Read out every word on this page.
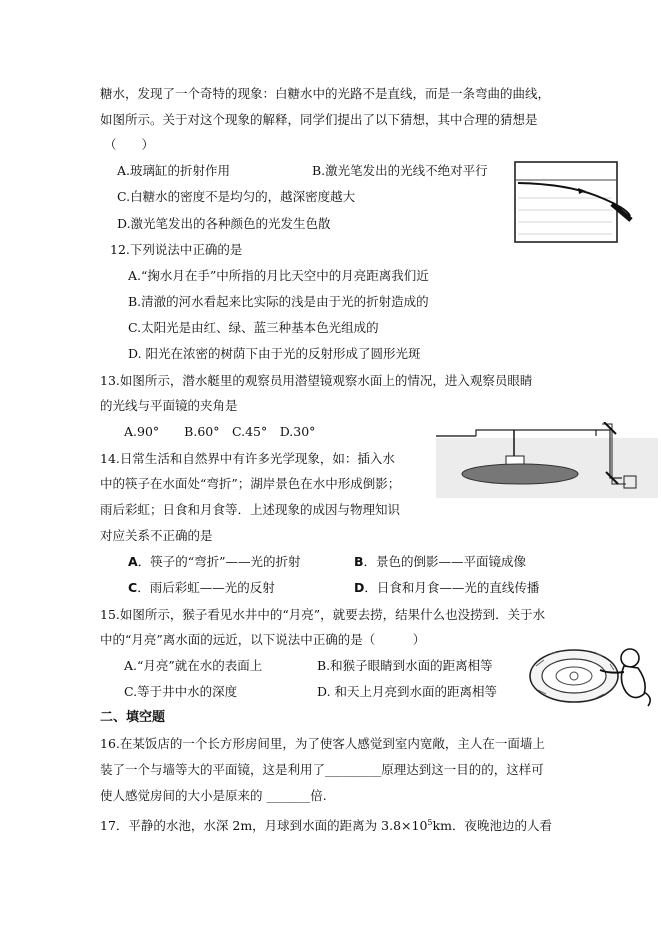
糖水，发现了一个奇特的现象：白糖水中的光路不是直线，而是一条弯曲的曲线，
如图所示。关于对这个现象的解释，同学们提出了以下猜想，其中合理的猜想是
（　　）
A.玻璃缸的折射作用	B.激光笔发出的光线不绝对平行
C.白糖水的密度不是均匀的，越深密度越大
D.激光笔发出的各种颜色的光发生色散
12.下列说法中正确的是
A.“掬水月在手”中所指的月比天空中的月亮距离我们近
B.清澈的河水看起来比实际的浅是由于光的折射造成的
C.太阳光是由红、绿、蓝三种基本色光组成的
D. 阳光在浓密的树荫下由于光的反射形成了圆形光斑
13.如图所示，潜水艇里的观察员用潜望镜观察水面上的情况，进入观察员眼睛
的光线与平面镜的夹角是
A.90°　　B.60°　C.45°　D.30°
14.日常生活和自然界中有许多光学现象，如：插入水
中的筷子在水面处“弯折”；湖岸景色在水中形成倒影；
雨后彩虹；日食和月食等．上述现象的成因与物理知识
对应关系不正确的是
A．筷子的“弯折”——光的折射	B．景色的倒影——平面镜成像
C．雨后彩虹——光的反射	D．日食和月食——光的直线传播
15.如图所示，猴子看见水井中的“月亮”，就要去捞，结果什么也没捞到．关于水
中的“月亮”离水面的远近，以下说法中正确的是（　　　）
A.“月亮”就在水的表面上	B.和猴子眼睛到水面的距离相等
C.等于井中水的深度	D. 和天上月亮到水面的距离相等
二、填空题
16.在某饭店的一个长方形房间里，为了使客人感觉到室内宽敞，主人在一面墙上
装了一个与墙等大的平面镜，这是利用了_________原理达到这一目的的，这样可
使人感觉房间的大小是原来的 _______倍.
17．平静的水池，水深 2m，月球到水面的距离为 $3.8\times 10^5km$．夜晚池边的人看
